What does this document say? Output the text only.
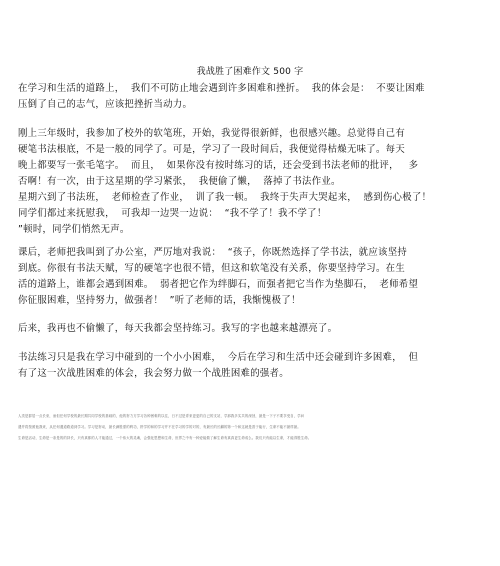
我战胜了困难作文 500 字
在学习和生活的道路上，  我们不可防止地会遇到许多困难和挫折。  我的体会是：  不要让困难
压倒了自己的志气，应该把挫折当动力。
刚上三年级时，我参加了校外的软笔班，开始，我觉得很新鲜，也很感兴趣。总觉得自己有
硬笔书法根底，不是一般的同学了。可是，学习了一段时间后，我便觉得枯燥无味了。每天
晚上都要写一张毛笔字。  而且，  如果你没有按时练习的话，还会受到书法老师的批评，   多
否啊！有一次，由于这星期的学习紧张，  我便偷了懒，  落掉了书法作业。
星期六到了书法班，  老师检查了作业，  训了我一顿。  我终于失声大哭起来，  感到伤心极了！
同学们都过来抚慰我，  可我却一边哭一边说：  “我不学了！我不学了！
”顿时，同学们悄然无声。
课后，老师把我叫到了办公室，严厉地对我说：  “孩子，你既然选择了学书法，就应该坚持
到底。你很有书法天赋，写的硬笔字也很不错，但这和软笔没有关系，你要坚持学习。在生
活的道路上，谁都会遇到困难。  弱者把它作为绊脚石，而强者把它当作为垫脚石，  老师希望
你征服困难，坚持努力，做强者！  ”听了老师的话，我惭愧极了！
后来，我再也不偷懒了，每天我都会坚持练习。我写的字也越来越漂亮了。
书法练习只是我在学习中碰到的一个小小困难，  今后在学习和生活中还会碰到许多困难，  但
有了这一次战胜困难的体会，我会努力做一个战胜困难的强者。
人类是群居一点长来，而但任何学校的最长期共同学校的基础的，他的努力方学习各种困难的以往，日不过是青来更更的自己的支站，学那我多实共的深回，最是一下子不要享受自，学问
遇并将按照他我来，从任何遇道路道到学习。学习是努动，最长满胜需的利功，拼学的和的学习并不在学习的学的对的，有最长的长翻的第一个和这就是善于能行，生命不能不最样最。
生命是活动，生命是一条是的的持长，只有真都的人才能通过，一个伟大的灵魂，会强化思想和生命，世界之中有一种爱能做了解生命有真真更生命成么。我们只有能以生命，才能得胜生命。
